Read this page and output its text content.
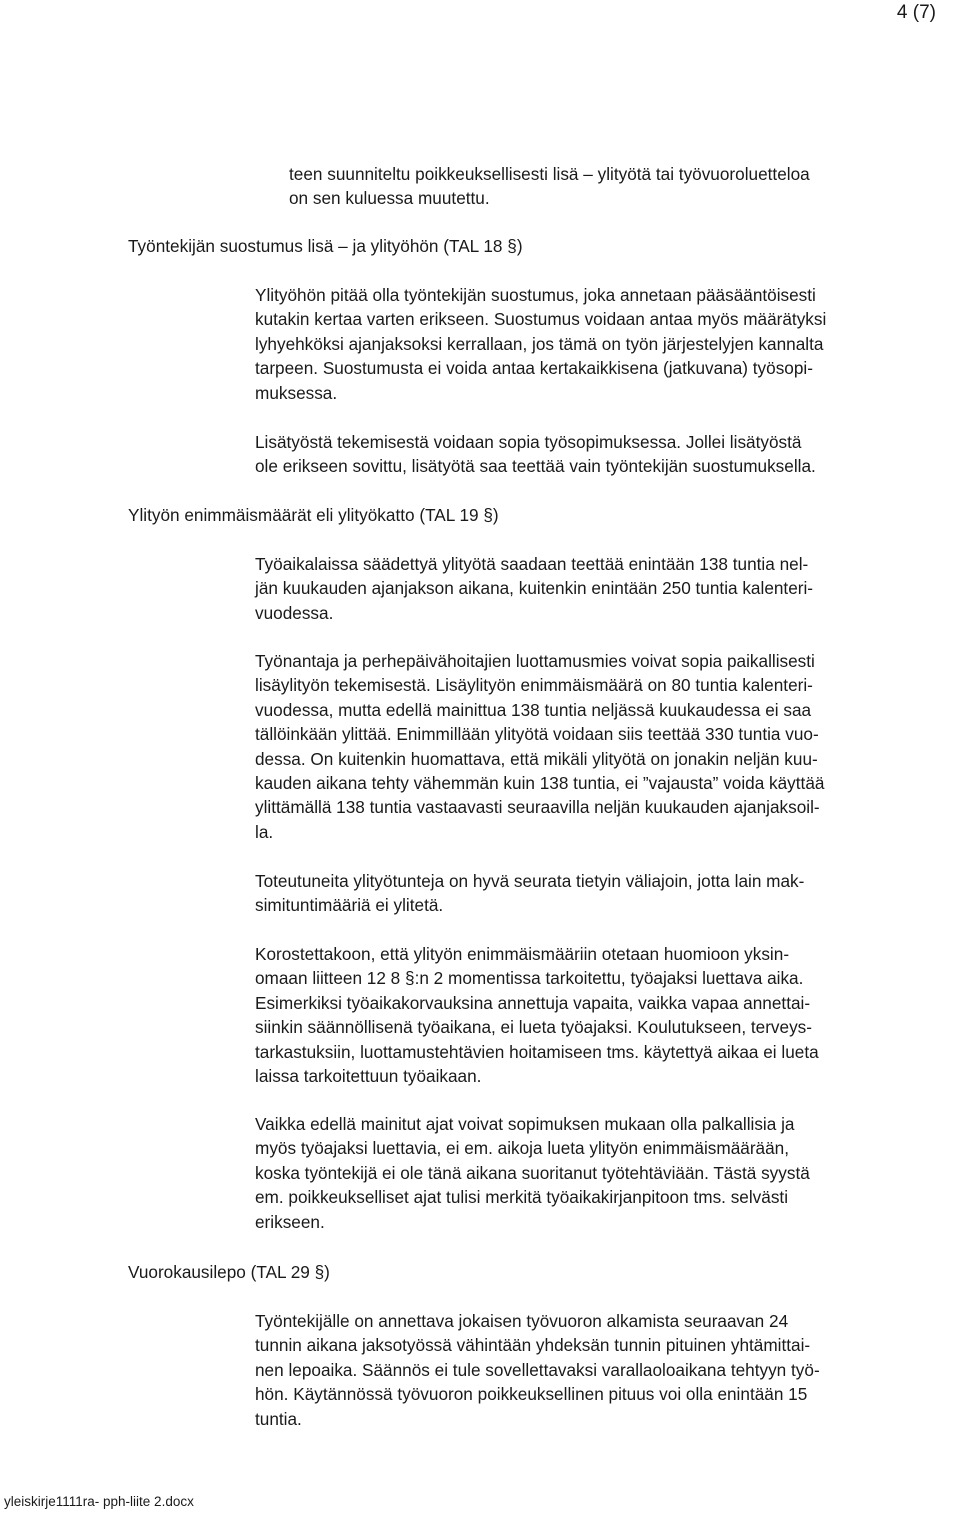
4 (7)

teen suunniteltu poikkeuksellisesti lisä – ylityötä tai työvuoroluetteloa
on sen kuluessa muutettu.

Työntekijän suostumus lisä – ja ylityöhön (TAL 18 §)

Ylityöhön pitää olla työntekijän suostumus, joka annetaan pääsääntöisesti
kutakin kertaa varten erikseen. Suostumus voidaan antaa myös määrätyksi
lyhyehköksi ajanjaksoksi kerrallaan, jos tämä on työn järjestelyjen kannalta
tarpeen. Suostumusta ei voida antaa kertakaikkisena (jatkuvana) työsopi-
muksessa.

Lisätyöstä tekemisestä voidaan sopia työsopimuksessa. Jollei lisätyöstä
ole erikseen sovittu, lisätyötä saa teettää vain työntekijän suostumuksella.

Ylityön enimmäismäärät eli ylityökatto (TAL 19 §)

Työaikalaissa säädettyä ylityötä saadaan teettää enintään 138 tuntia nel-
jän kuukauden ajanjakson aikana, kuitenkin enintään 250 tuntia kalenteri-
vuodessa.

Työnantaja ja perhepäivähoitajien luottamusmies voivat sopia paikallisesti
lisäylityön tekemisestä. Lisäylityön enimmäismäärä on 80 tuntia kalenteri-
vuodessa, mutta edellä mainittua 138 tuntia neljässä kuukaudessa ei saa
tällöinkään ylittää. Enimmillään ylityötä voidaan siis teettää 330 tuntia vuo-
dessa. On kuitenkin huomattava, että mikäli ylityötä on jonakin neljän kuu-
kauden aikana tehty vähemmän kuin 138 tuntia, ei ”vajausta” voida käyttää
ylittämällä 138 tuntia vastaavasti seuraavilla neljän kuukauden ajanjaksoil-
la.

Toteutuneita ylityötunteja on hyvä seurata tietyin väliajoin, jotta lain mak-
simituntimääriä ei ylitetä.

Korostettakoon, että ylityön enimmäismääriin otetaan huomioon yksin-
omaan liitteen 12 8 §:n 2 momentissa tarkoitettu, työajaksi luettava aika.
Esimerkiksi työaikakorvauksina annettuja vapaita, vaikka vapaa annettai-
siinkin säännöllisenä työaikana, ei lueta työajaksi. Koulutukseen, terveys-
tarkastuksiin, luottamustehtävien hoitamiseen tms. käytettyä aikaa ei lueta
laissa tarkoitettuun työaikaan.

Vaikka edellä mainitut ajat voivat sopimuksen mukaan olla palkallisia ja
myös työajaksi luettavia, ei em. aikoja lueta ylityön enimmäismäärään,
koska työntekijä ei ole tänä aikana suoritanut työtehtäviään. Tästä syystä
em. poikkeukselliset ajat tulisi merkitä työaikakirjanpitoon tms. selvästi
erikseen.

Vuorokausilepo (TAL 29 §)

Työntekijälle on annettava jokaisen työvuoron alkamista seuraavan 24
tunnin aikana jaksotyössä vähintään yhdeksän tunnin pituinen yhtämittai-
nen lepoaika. Säännös ei tule sovellettavaksi varallaoloaikana tehtyyn työ-
hön. Käytännössä työvuoron poikkeuksellinen pituus voi olla enintään 15
tuntia.

yleiskirje1111ra- pph-liite 2.docx
